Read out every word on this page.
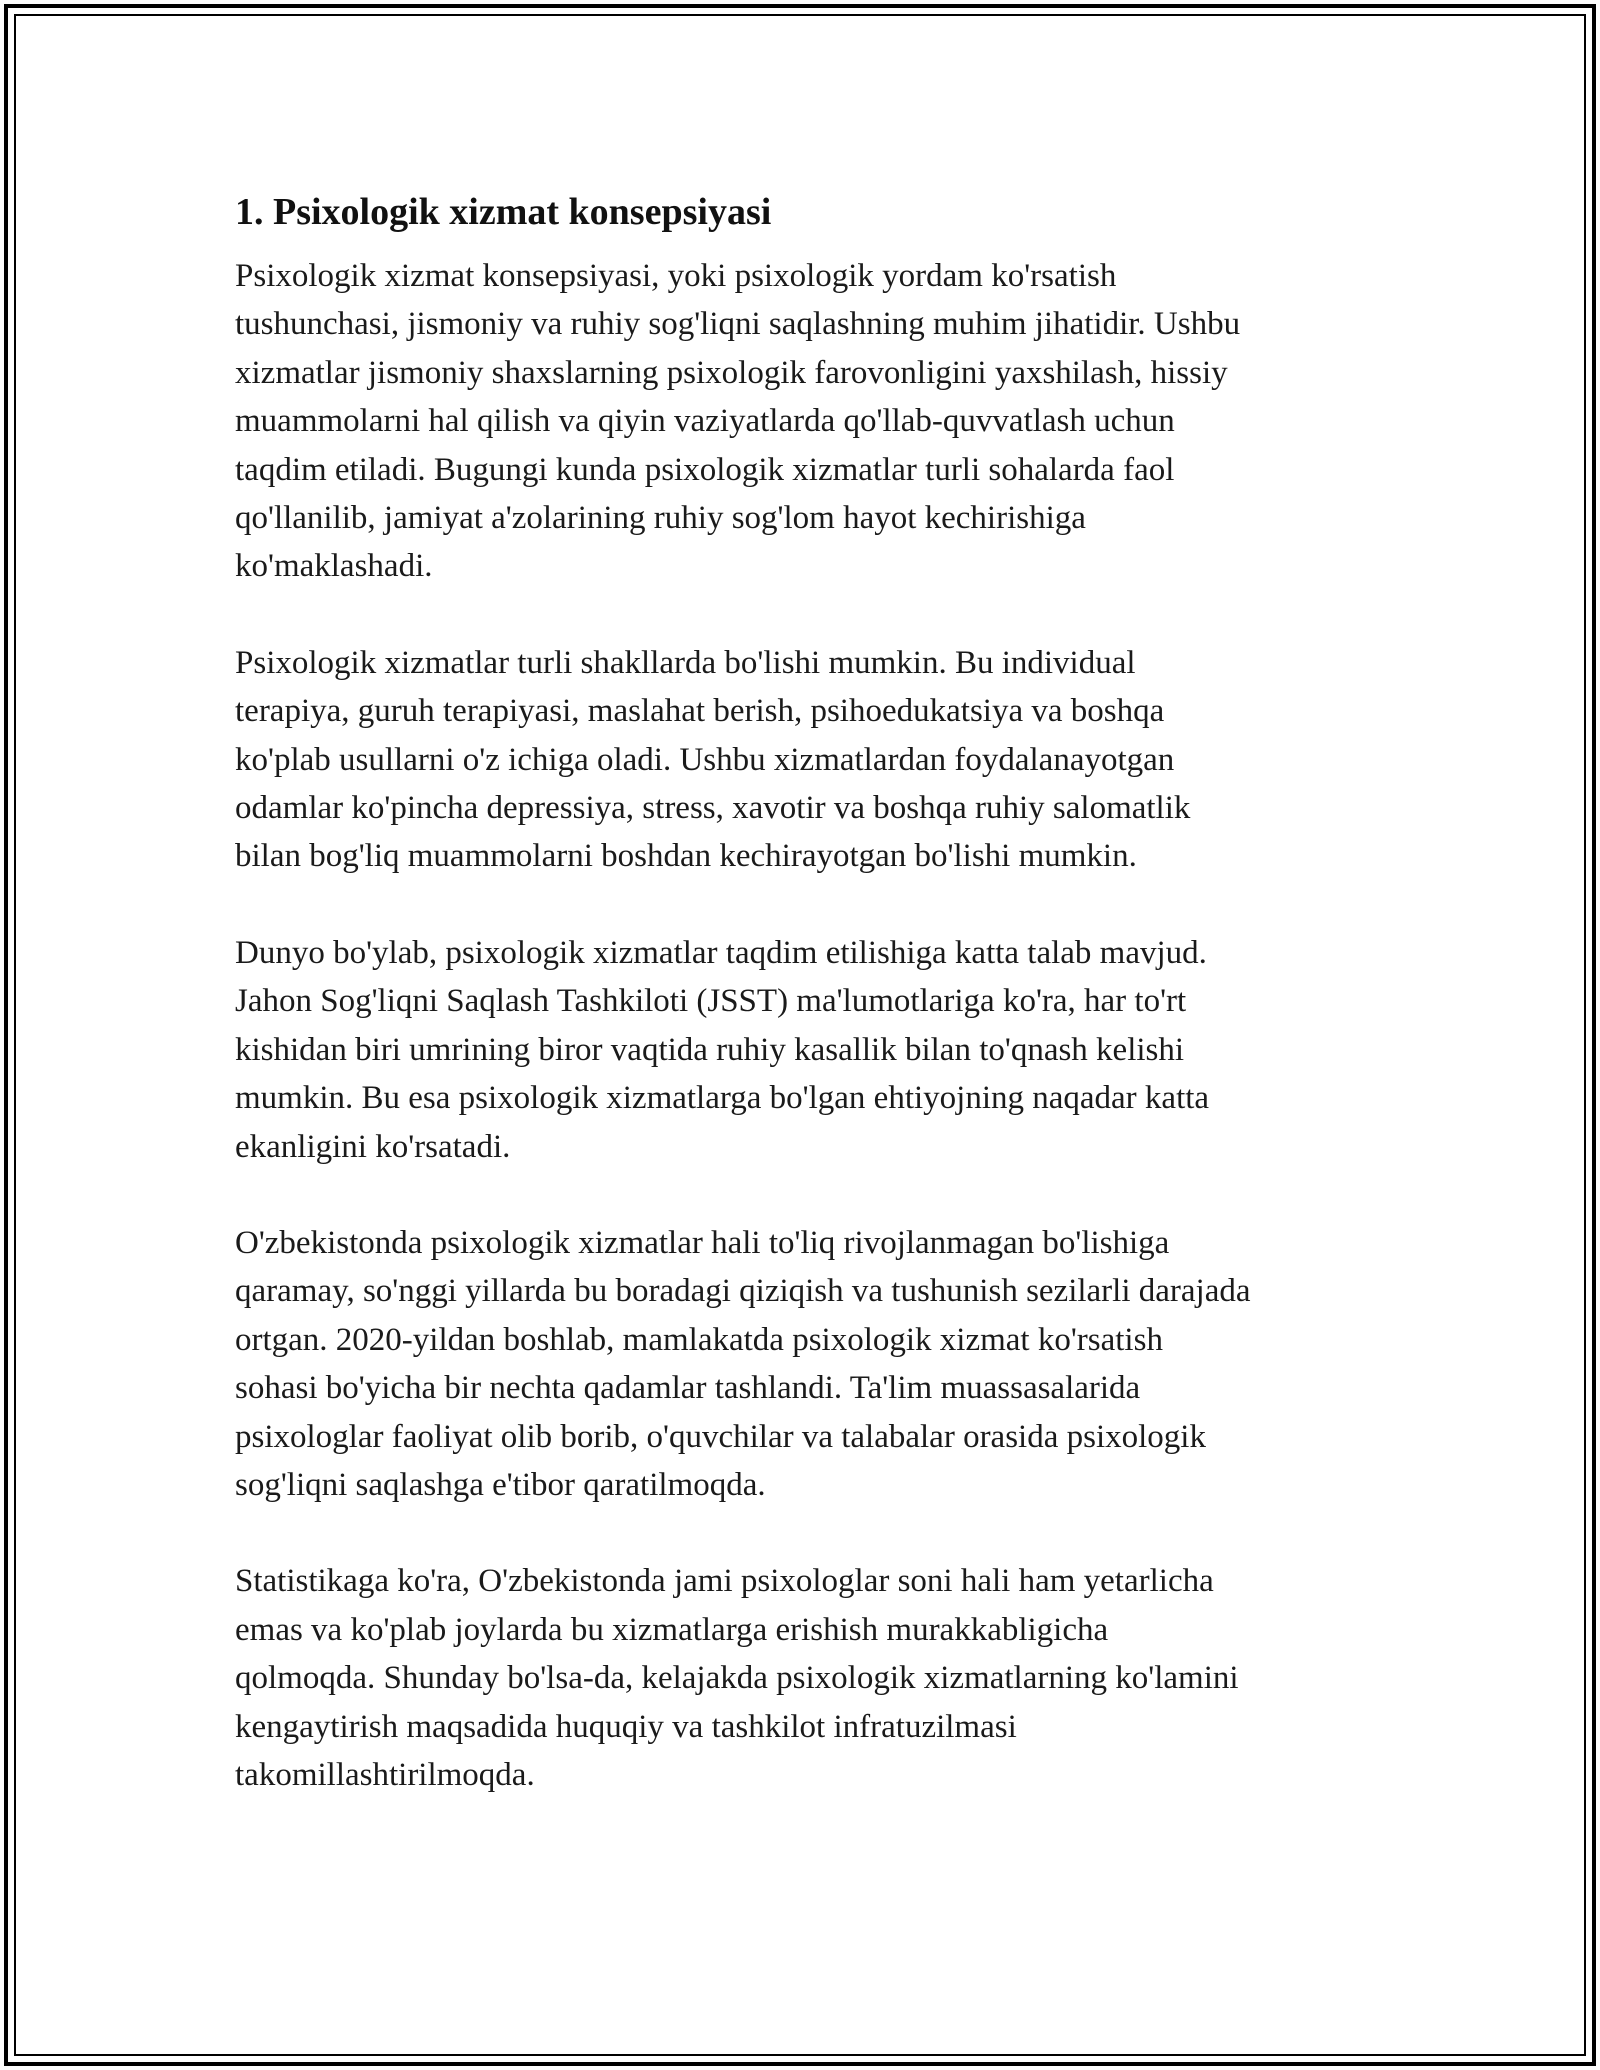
1. Psixologik xizmat konsepsiyasi
Psixologik xizmat konsepsiyasi, yoki psixologik yordam ko'rsatish
tushunchasi, jismoniy va ruhiy sog'liqni saqlashning muhim jihatidir. Ushbu
xizmatlar jismoniy shaxslarning psixologik farovonligini yaxshilash, hissiy
muammolarni hal qilish va qiyin vaziyatlarda qo'llab-quvvatlash uchun
taqdim etiladi. Bugungi kunda psixologik xizmatlar turli sohalarda faol
qo'llanilib, jamiyat a'zolarining ruhiy sog'lom hayot kechirishiga
ko'maklashadi.
Psixologik xizmatlar turli shakllarda bo'lishi mumkin. Bu individual
terapiya, guruh terapiyasi, maslahat berish, psihoedukatsiya va boshqa
ko'plab usullarni o'z ichiga oladi. Ushbu xizmatlardan foydalanayotgan
odamlar ko'pincha depressiya, stress, xavotir va boshqa ruhiy salomatlik
bilan bog'liq muammolarni boshdan kechirayotgan bo'lishi mumkin.
Dunyo bo'ylab, psixologik xizmatlar taqdim etilishiga katta talab mavjud.
Jahon Sog'liqni Saqlash Tashkiloti (JSST) ma'lumotlariga ko'ra, har to'rt
kishidan biri umrining biror vaqtida ruhiy kasallik bilan to'qnash kelishi
mumkin. Bu esa psixologik xizmatlarga bo'lgan ehtiyojning naqadar katta
ekanligini ko'rsatadi.
O'zbekistonda psixologik xizmatlar hali to'liq rivojlanmagan bo'lishiga
qaramay, so'nggi yillarda bu boradagi qiziqish va tushunish sezilarli darajada
ortgan. 2020-yildan boshlab, mamlakatda psixologik xizmat ko'rsatish
sohasi bo'yicha bir nechta qadamlar tashlandi. Ta'lim muassasalarida
psixologlar faoliyat olib borib, o'quvchilar va talabalar orasida psixologik
sog'liqni saqlashga e'tibor qaratilmoqda.
Statistikaga ko'ra, O'zbekistonda jami psixologlar soni hali ham yetarlicha
emas va ko'plab joylarda bu xizmatlarga erishish murakkabligicha
qolmoqda. Shunday bo'lsa-da, kelajakda psixologik xizmatlarning ko'lamini
kengaytirish maqsadida huquqiy va tashkilot infratuzilmasi
takomillashtirilmoqda.
